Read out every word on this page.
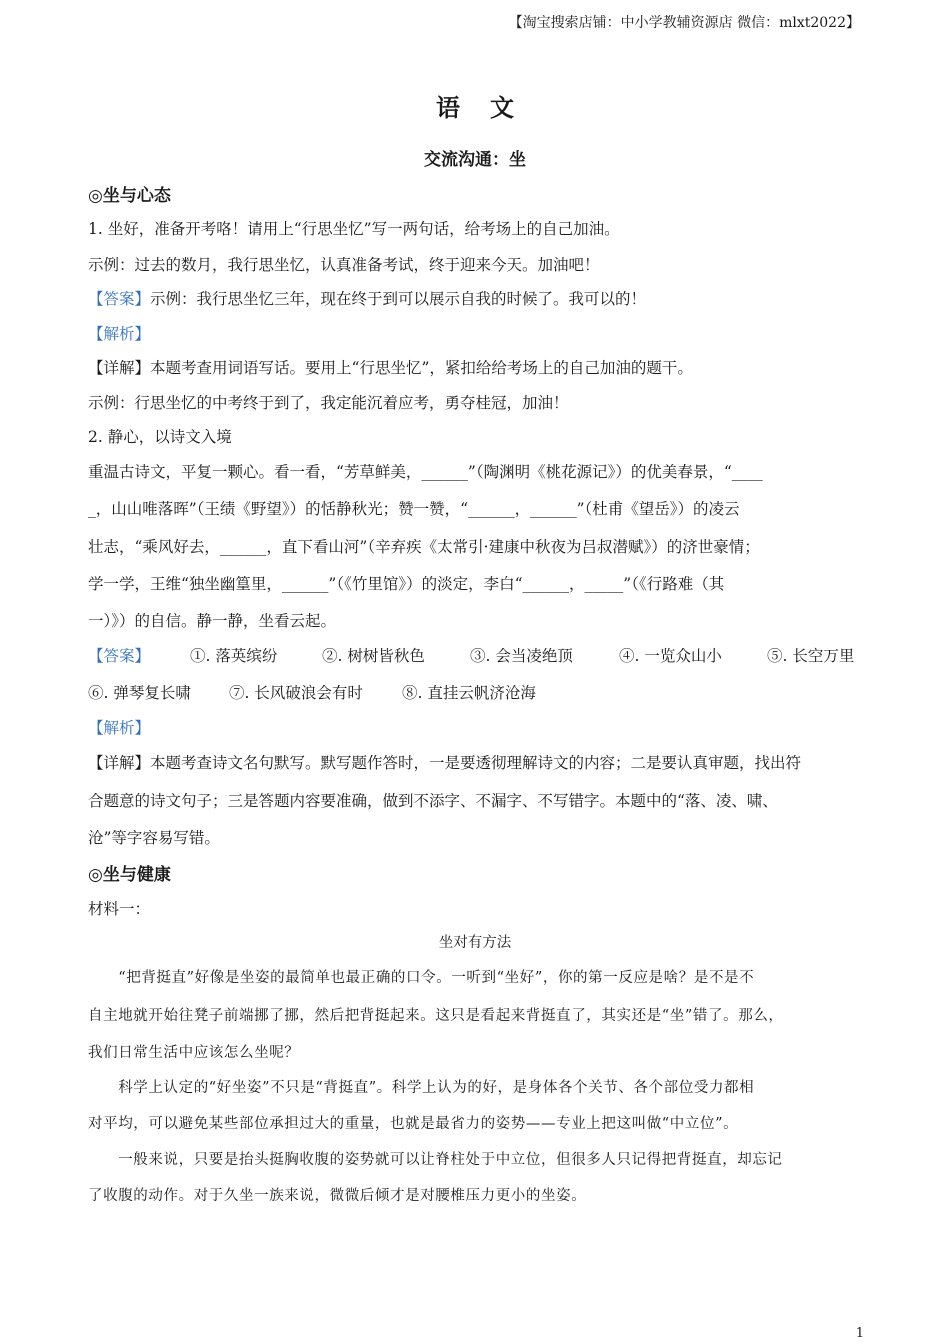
【淘宝搜索店铺：中小学教辅资源店 微信：mlxt2022】
语文
交流沟通：坐
◎坐与心态
1. 坐好，准备开考咯！请用上“行思坐忆”写一两句话，给考场上的自己加油。
示例：过去的数月，我行思坐忆，认真准备考试，终于迎来今天。加油吧！
【答案】示例：我行思坐忆三年，现在终于到可以展示自我的时候了。我可以的！
【解析】
【详解】本题考查用词语写话。要用上“行思坐忆”，紧扣给给考场上的自己加油的题干。
示例：行思坐忆的中考终于到了，我定能沉着应考，勇夺桂冠，加油！
2. 静心，以诗文入境
重温古诗文，平复一颗心。看一看，“芳草鲜美，______”（陶渊明《桃花源记》）的优美春景，“____
_，山山唯落晖”（王绩《野望》）的恬静秋光；赞一赞，“______，______”（杜甫《望岳》）的凌云
壮志，“乘风好去，______，直下看山河”（辛弃疾《太常引·建康中秋夜为吕叔潜赋》）的济世豪情；
学一学，王维“独坐幽篁里，______”（《竹里馆》）的淡定，李白“______，_____”（《行路难（其
一）》）的自信。静一静，坐看云起。
【答案】	①. 落英缤纷	②. 树树皆秋色	③. 会当凌绝顶	④. 一览众山小	⑤. 长空万里
⑥. 弹琴复长啸 ⑦. 长风破浪会有时	⑧. 直挂云帆济沧海
【解析】
【详解】本题考查诗文名句默写。默写题作答时，一是要透彻理解诗文的内容；二是要认真审题，找出符
合题意的诗文句子；三是答题内容要准确，做到不添字、不漏字、不写错字。本题中的“落、凌、啸、
沧”等字容易写错。
◎坐与健康
材料一：
坐对有方法
　　“把背挺直”好像是坐姿的最简单也最正确的口令。一听到“坐好”，你的第一反应是啥？是不是不
自主地就开始往凳子前端挪了挪，然后把背挺起来。这只是看起来背挺直了，其实还是“坐”错了。那么，
我们日常生活中应该怎么坐呢？
　　科学上认定的“好坐姿”不只是“背挺直”。科学上认为的好，是身体各个关节、各个部位受力都相
对平均，可以避免某些部位承担过大的重量，也就是最省力的姿势——专业上把这叫做“中立位”。
　　一般来说，只要是抬头挺胸收腹的姿势就可以让脊柱处于中立位，但很多人只记得把背挺直，却忘记
了收腹的动作。对于久坐一族来说，微微后倾才是对腰椎压力更小的坐姿。
1
